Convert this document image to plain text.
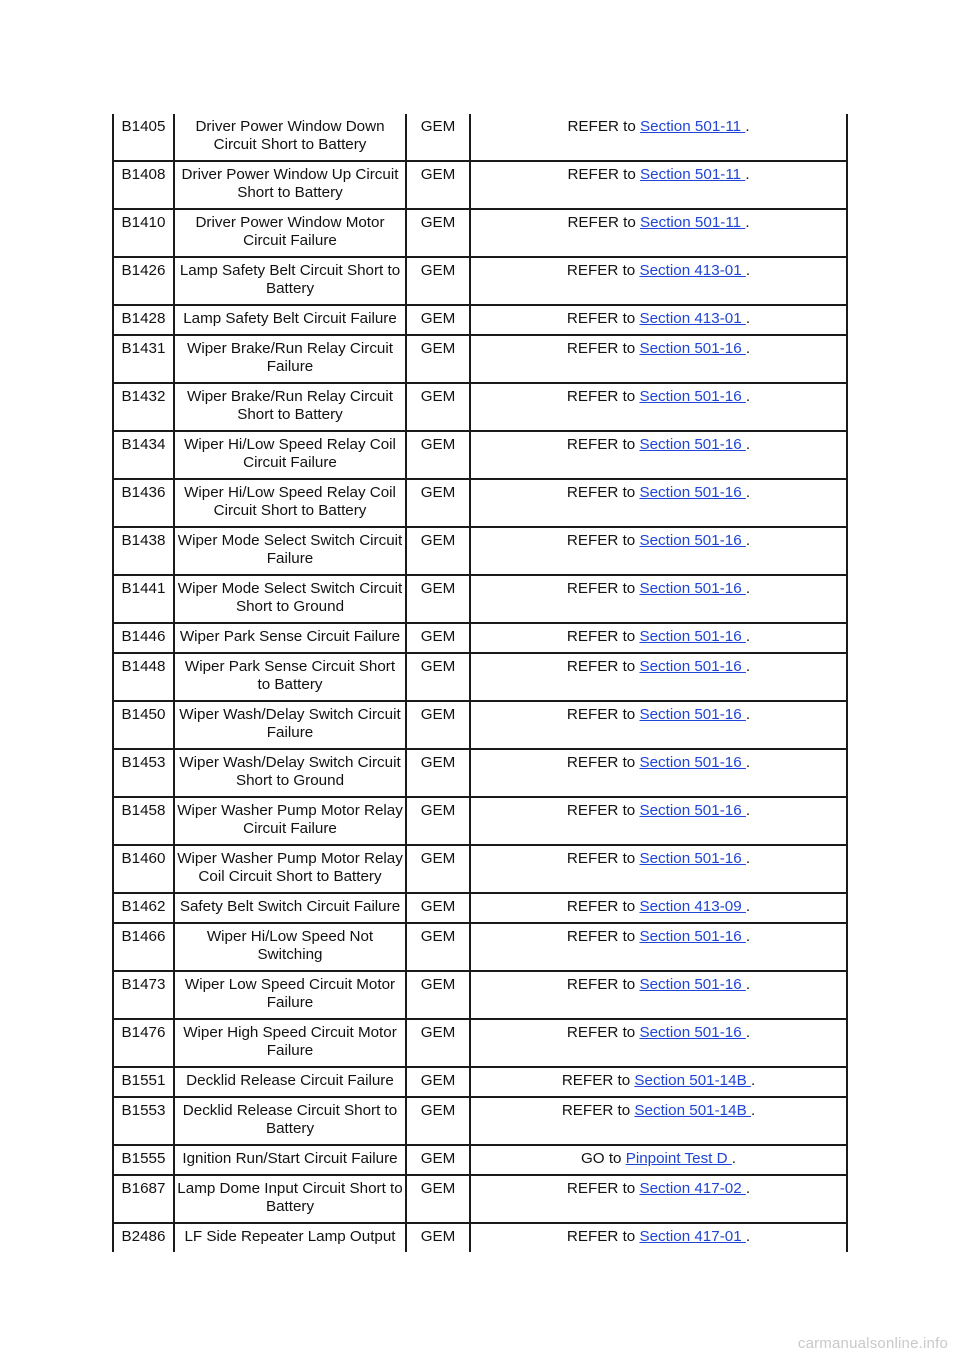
B1405	Driver Power Window Down Circuit Short to Battery	GEM	REFER to Section 501-11 .
B1408	Driver Power Window Up Circuit Short to Battery	GEM	REFER to Section 501-11 .
B1410	Driver Power Window Motor Circuit Failure	GEM	REFER to Section 501-11 .
B1426	Lamp Safety Belt Circuit Short to Battery	GEM	REFER to Section 413-01 .
B1428	Lamp Safety Belt Circuit Failure	GEM	REFER to Section 413-01 .
B1431	Wiper Brake/Run Relay Circuit Failure	GEM	REFER to Section 501-16 .
B1432	Wiper Brake/Run Relay Circuit Short to Battery	GEM	REFER to Section 501-16 .
B1434	Wiper Hi/Low Speed Relay Coil Circuit Failure	GEM	REFER to Section 501-16 .
B1436	Wiper Hi/Low Speed Relay Coil Circuit Short to Battery	GEM	REFER to Section 501-16 .
B1438	Wiper Mode Select Switch Circuit Failure	GEM	REFER to Section 501-16 .
B1441	Wiper Mode Select Switch Circuit Short to Ground	GEM	REFER to Section 501-16 .
B1446	Wiper Park Sense Circuit Failure	GEM	REFER to Section 501-16 .
B1448	Wiper Park Sense Circuit Short to Battery	GEM	REFER to Section 501-16 .
B1450	Wiper Wash/Delay Switch Circuit Failure	GEM	REFER to Section 501-16 .
B1453	Wiper Wash/Delay Switch Circuit Short to Ground	GEM	REFER to Section 501-16 .
B1458	Wiper Washer Pump Motor Relay Circuit Failure	GEM	REFER to Section 501-16 .
B1460	Wiper Washer Pump Motor Relay Coil Circuit Short to Battery	GEM	REFER to Section 501-16 .
B1462	Safety Belt Switch Circuit Failure	GEM	REFER to Section 413-09 .
B1466	Wiper Hi/Low Speed Not Switching	GEM	REFER to Section 501-16 .
B1473	Wiper Low Speed Circuit Motor Failure	GEM	REFER to Section 501-16 .
B1476	Wiper High Speed Circuit Motor Failure	GEM	REFER to Section 501-16 .
B1551	Decklid Release Circuit Failure	GEM	REFER to Section 501-14B .
B1553	Decklid Release Circuit Short to Battery	GEM	REFER to Section 501-14B .
B1555	Ignition Run/Start Circuit Failure	GEM	GO to Pinpoint Test D .
B1687	Lamp Dome Input Circuit Short to Battery	GEM	REFER to Section 417-02 .
B2486	LF Side Repeater Lamp Output	GEM	REFER to Section 417-01 .
carmanualsonline.info
